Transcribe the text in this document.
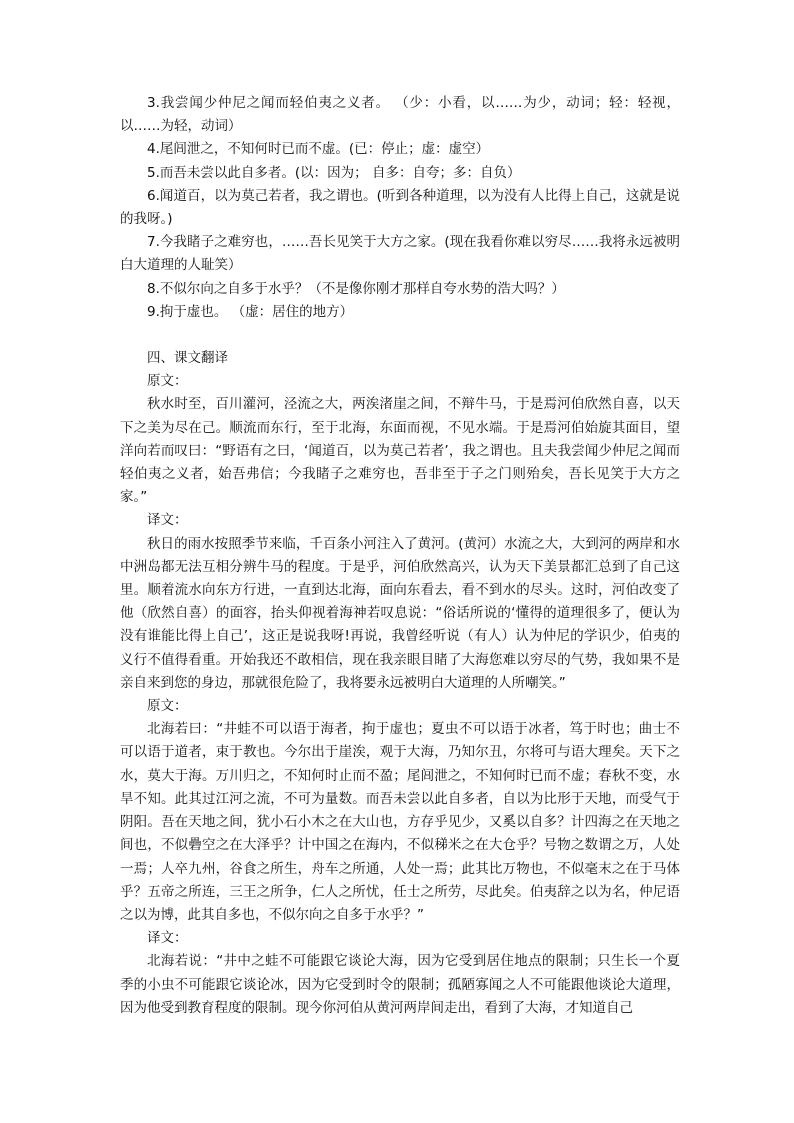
3.我尝闻少仲尼之闻而轻伯夷之义者。 （少：小看，以……为少，动词；轻：轻视，以……为轻，动词）

4.尾闾泄之，不知何时已而不虚。(已：停止；虚：虚空）

5.而吾未尝以此自多者。(以：因为； 自多：自夸；多：自负）

6.闻道百，以为莫己若者，我之谓也。(听到各种道理，以为没有人比得上自己，这就是说的我呀。)

7.今我睹子之难穷也，……吾长见笑于大方之家。(现在我看你难以穷尽……我将永远被明白大道理的人耻笑）

8.不似尔向之自多于水乎？（不是像你刚才那样自夸水势的浩大吗？）

9.拘于虚也。 （虚：居住的地方）

四、课文翻译

原文：

秋水时至，百川灌河，泾流之大，两涘渚崖之间，不辩牛马，于是焉河伯欣然自喜，以天下之美为尽在己。顺流而东行，至于北海，东面而视，不见水端。于是焉河伯始旋其面目，望洋向若而叹曰：“野语有之曰，‘闻道百，以为莫己若者’，我之谓也。且夫我尝闻少仲尼之闻而轻伯夷之义者，始吾弗信；今我睹子之难穷也，吾非至于子之门则殆矣，吾长见笑于大方之家。”

译文：

秋日的雨水按照季节来临，千百条小河注入了黄河。(黄河）水流之大，大到河的两岸和水中洲岛都无法互相分辨牛马的程度。于是乎，河伯欣然高兴，认为天下美景都汇总到了自己这里。顺着流水向东方行进，一直到达北海，面向东看去，看不到水的尽头。这时，河伯改变了他（欣然自喜）的面容，抬头仰视着海神若叹息说：“俗话所说的‘懂得的道理很多了，便认为没有谁能比得上自己’，这正是说我呀!再说，我曾经听说（有人）认为仲尼的学识少，伯夷的义行不值得看重。开始我还不敢相信，现在我亲眼目睹了大海您难以穷尽的气势，我如果不是亲自来到您的身边，那就很危险了，我将要永远被明白大道理的人所嘲笑。”

原文：

北海若曰：“井蛙不可以语于海者，拘于虚也；夏虫不可以语于冰者，笃于时也；曲士不可以语于道者，束于教也。今尔出于崖涘，观于大海，乃知尔丑，尔将可与语大理矣。天下之水，莫大于海。万川归之，不知何时止而不盈；尾闾泄之，不知何时已而不虚；春秋不变，水旱不知。此其过江河之流，不可为量数。而吾未尝以此自多者，自以为比形于天地，而受气于阴阳。吾在天地之间，犹小石小木之在大山也，方存乎见少，又奚以自多？计四海之在天地之间也，不似礨空之在大泽乎？计中国之在海内，不似稊米之在大仓乎？号物之数谓之万，人处一焉；人卒九州，谷食之所生，舟车之所通，人处一焉；此其比万物也，不似毫末之在于马体乎？五帝之所连，三王之所争，仁人之所忧，任士之所劳，尽此矣。伯夷辞之以为名，仲尼语之以为博，此其自多也，不似尔向之自多于水乎？”

译文：

北海若说：“井中之蛙不可能跟它谈论大海，因为它受到居住地点的限制；只生长一个夏季的小虫不可能跟它谈论冰，因为它受到时令的限制；孤陋寡闻之人不可能跟他谈论大道理，因为他受到教育程度的限制。现今你河伯从黄河两岸间走出，看到了大海，才知道自己
